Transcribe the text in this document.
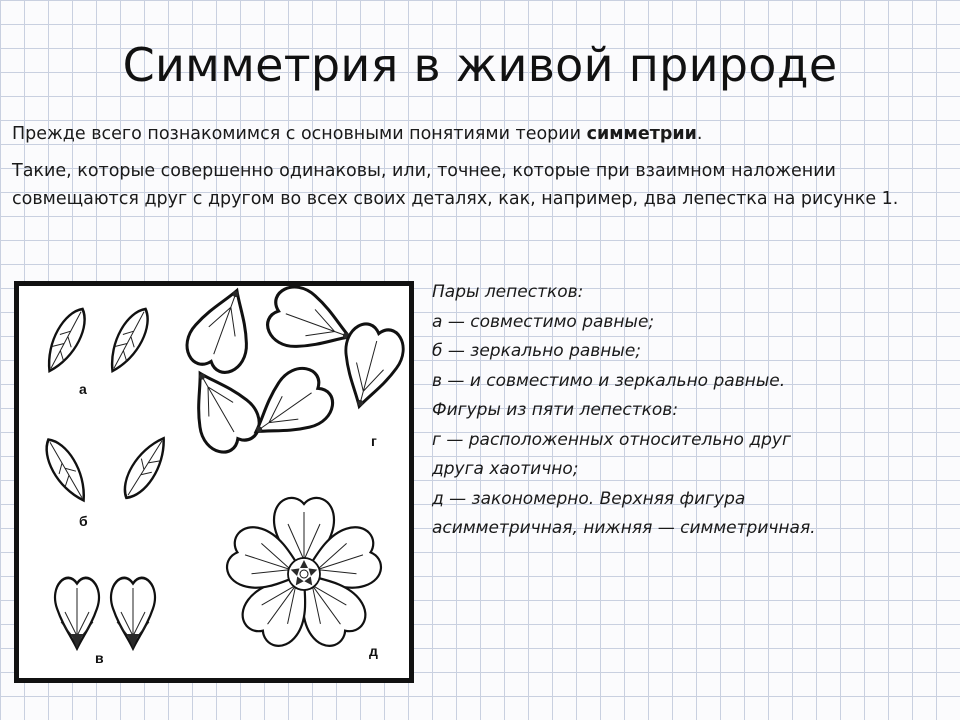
Симметрия в живой природе

Прежде всего познакомимся с основными понятиями теории симметрии.

Такие, которые совершенно одинаковы, или, точнее, которые при взаимном наложении совмещаются друг с другом во всех своих деталях, как, например, два лепестка на рисунке 1.

а
б
в
г
д
Пары лепестков:
а — совместимо равные;
б — зеркально равные;
в — и совместимо и зеркально равные.
Фигуры из пяти лепестков:
г — расположенных относительно друг
друга хаотично;
д — закономерно. Верхняя фигура
асимметричная, нижняя — симметричная.
